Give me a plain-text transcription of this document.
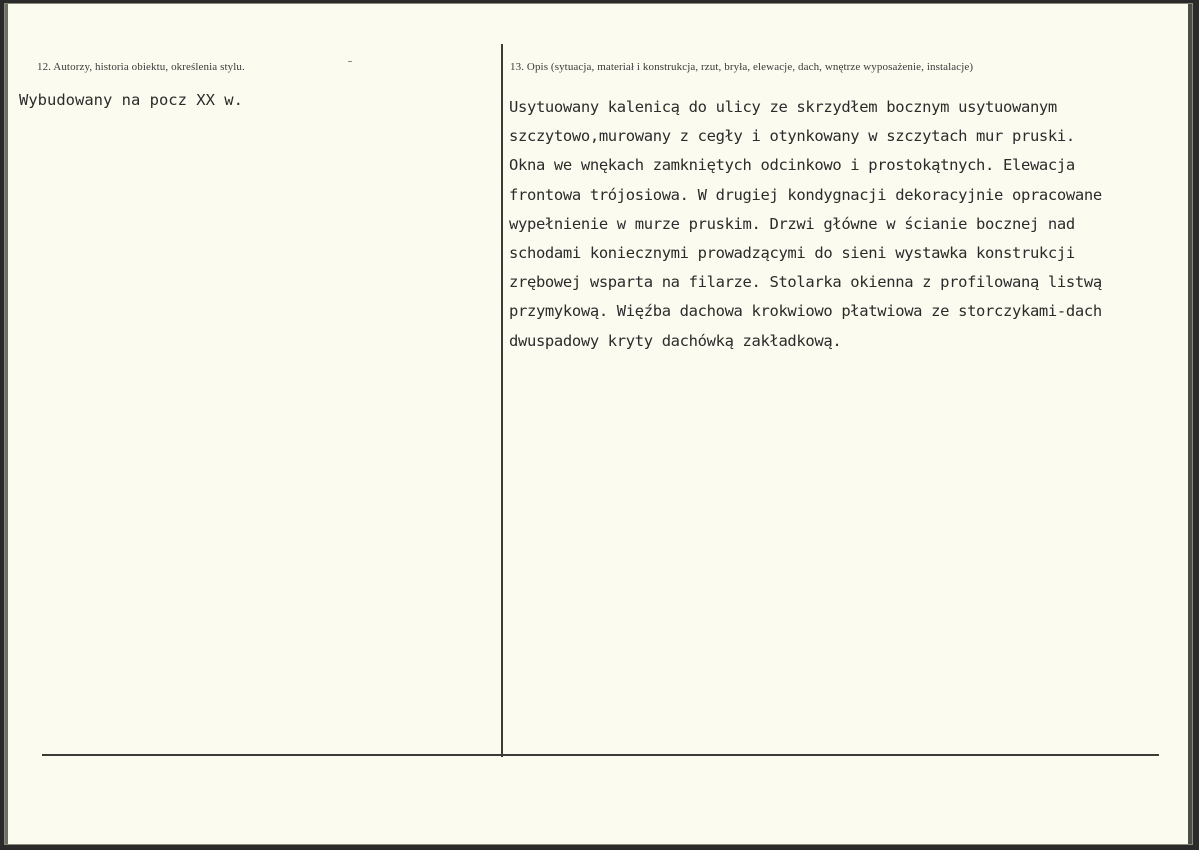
12. Autorzy, historia obiektu, określenia stylu.
Wybudowany na pocz XX w.
13. Opis (sytuacja, materiał i konstrukcja, rzut, bryła, elewacje, dach, wnętrze wyposażenie, instalacje)
Usytuowany kalenicą do ulicy ze skrzydłem bocznym usytuowanym
szczytowo,murowany z cegły i otynkowany w szczytach mur pruski.
Okna we wnękach zamkniętych odcinkowo i prostokątnych. Elewacja
frontowa trójosiowa. W drugiej kondygnacji dekoracyjnie opracowane
wypełnienie w murze pruskim. Drzwi główne w ścianie bocznej nad
schodami koniecznymi prowadzącymi do sieni wystawka konstrukcji
zrębowej wsparta na filarze. Stolarka okienna z profilowaną listwą
przymykową. Więźba dachowa krokwiowo płatwiowa ze storczykami-dach
dwuspadowy kryty dachówką zakładkową.
